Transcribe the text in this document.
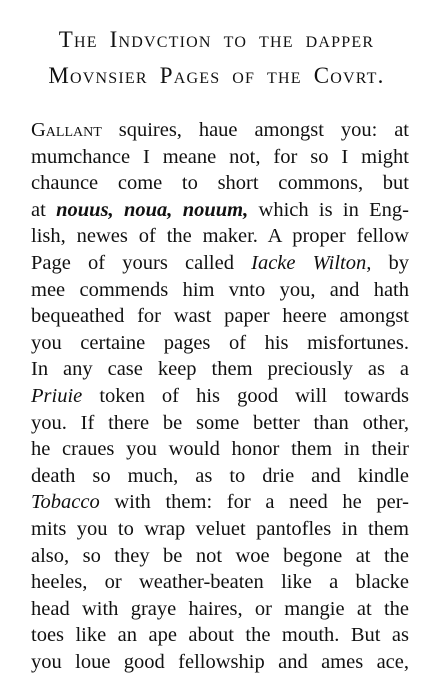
The Indvction to the dapper
Movnsier Pages of the Covrt.
Gallant squires, haue amongst you: at
mumchance I meane not, for so I might
chaunce come to short commons, but
at nouus, noua, nouum, which is in Eng-
lish, newes of the maker. A proper fellow
Page of yours called Iacke Wilton, by
mee commends him vnto you, and hath
bequeathed for wast paper heere amongst
you certaine pages of his misfortunes.
In any case keep them preciously as a
Priuie token of his good will towards
you. If there be some better than other,
he craues you would honor them in their
death so much, as to drie and kindle
Tobacco with them: for a need he per-
mits you to wrap veluet pantofles in them
also, so they be not woe begone at the
heeles, or weather-beaten like a blacke
head with graye haires, or mangie at the
toes like an ape about the mouth. But as
you loue good fellowship and ames ace,
